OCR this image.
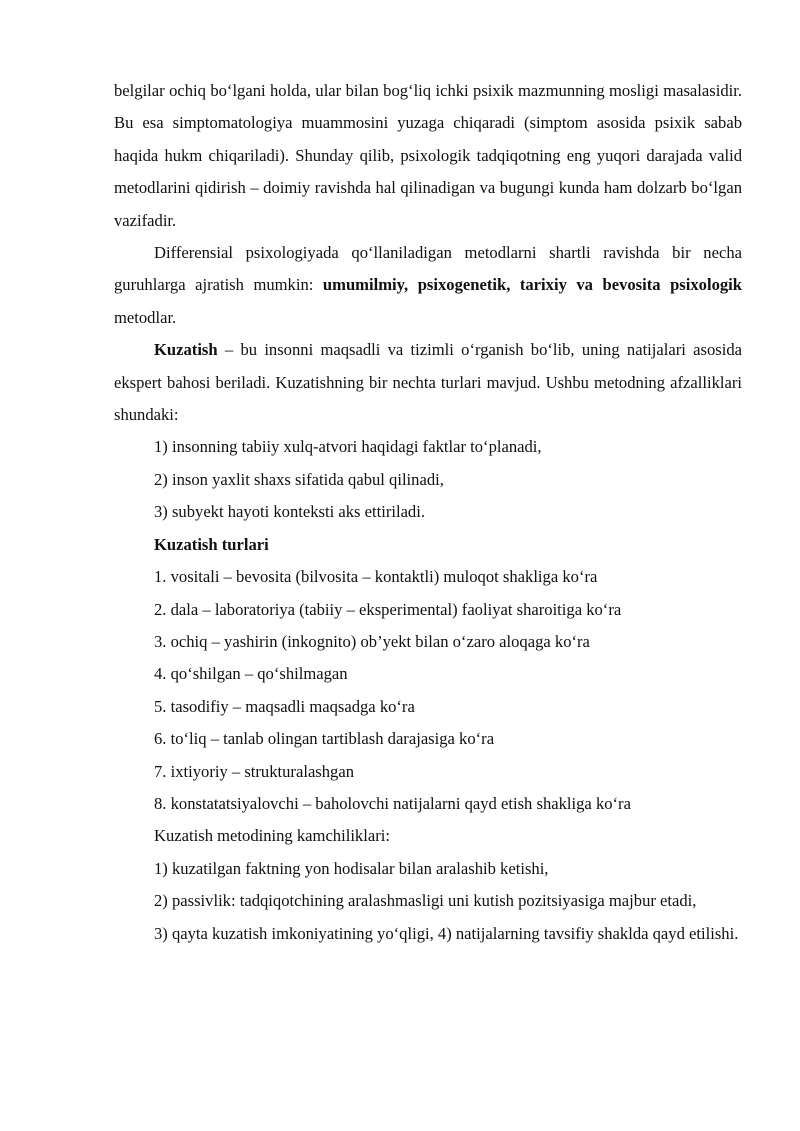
belgilar ochiq bo‘lgani holda, ular bilan bog‘liq ichki psixik mazmunning mosligi masalasidir. Bu esa simptomatologiya muammosini yuzaga chiqaradi (simptom asosida psixik sabab haqida hukm chiqariladi). Shunday qilib, psixologik tadqiqotning eng yuqori darajada valid metodlarini qidirish – doimiy ravishda hal qilinadigan va bugungi kunda ham dolzarb bo‘lgan vazifadir.

Differensial psixologiyada qo‘llaniladigan metodlarni shartli ravishda bir necha guruhlarga ajratish mumkin: umumilmiy, psixogenetik, tarixiy va bevosita psixologik metodlar.

Kuzatish – bu insonni maqsadli va tizimli o‘rganish bo‘lib, uning natijalari asosida ekspert bahosi beriladi. Kuzatishning bir nechta turlari mavjud. Ushbu metodning afzalliklari shundaki:

1) insonning tabiiy xulq-atvori haqidagi faktlar to‘planadi,

2) inson yaxlit shaxs sifatida qabul qilinadi,

3) subyekt hayoti konteksti aks ettiriladi.

Kuzatish turlari

1. vositali – bevosita (bilvosita – kontaktli) muloqot shakliga ko‘ra

2. dala – laboratoriya (tabiiy – eksperimental) faoliyat sharoitiga ko‘ra

3. ochiq – yashirin (inkognito) ob’yekt bilan o‘zaro aloqaga ko‘ra

4. qo‘shilgan – qo‘shilmagan

5. tasodifiy – maqsadli maqsadga ko‘ra

6. to‘liq – tanlab olingan tartiblash darajasiga ko‘ra

7. ixtiyoriy – strukturalashgan

8. konstatatsiyalovchi – baholovchi natijalarni qayd etish shakliga ko‘ra

Kuzatish metodining kamchiliklari:

1) kuzatilgan faktning yon hodisalar bilan aralashib ketishi,

2) passivlik: tadqiqotchining aralashmasligi uni kutish pozitsiyasiga majbur etadi,

3) qayta kuzatish imkoniyatining yo‘qligi, 4) natijalarning tavsifiy shaklda qayd etilishi.
